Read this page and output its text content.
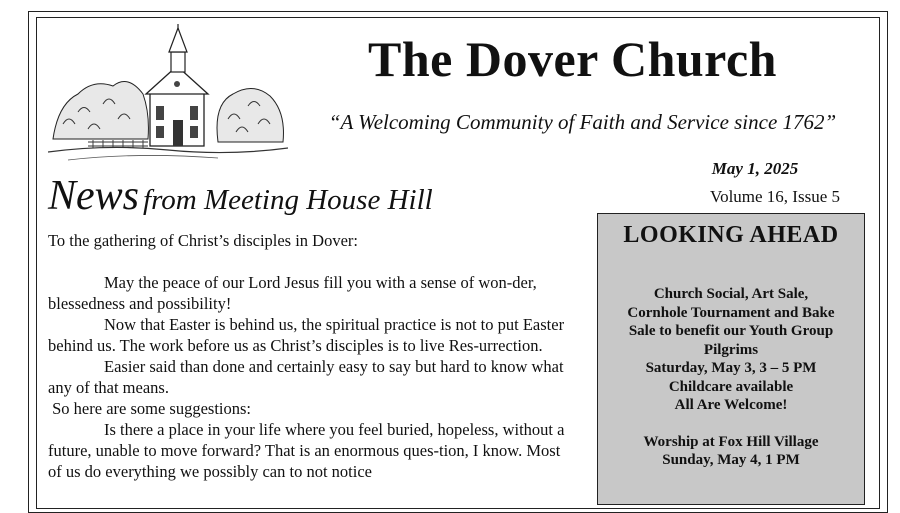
The Dover Church
“A Welcoming Community of Faith and Service since 1762”
May 1, 2025
Volume 16, Issue 5
News from Meeting House Hill

To the gathering of Christ’s disciples in Dover:

May the peace of our Lord Jesus fill you with a sense of won-der, blessedness and possibility!

Now that Easter is behind us, the spiritual practice is not to put Easter behind us. The work before us as Christ’s disciples is to live Res-urrection.

Easier said than done and certainly easy to say but hard to know what any of that means.

So here are some suggestions:

Is there a place in your life where you feel buried, hopeless, without a future, unable to move forward? That is an enormous ques-tion, I know. Most of us do everything we possibly can to not notice

LOOKING AHEAD
Church Social, Art Sale,
Cornhole Tournament and Bake
Sale to benefit our Youth Group
Pilgrims
Saturday, May 3, 3 – 5 PM
Childcare available
All Are Welcome!
Worship at Fox Hill Village
Sunday, May 4, 1 PM
